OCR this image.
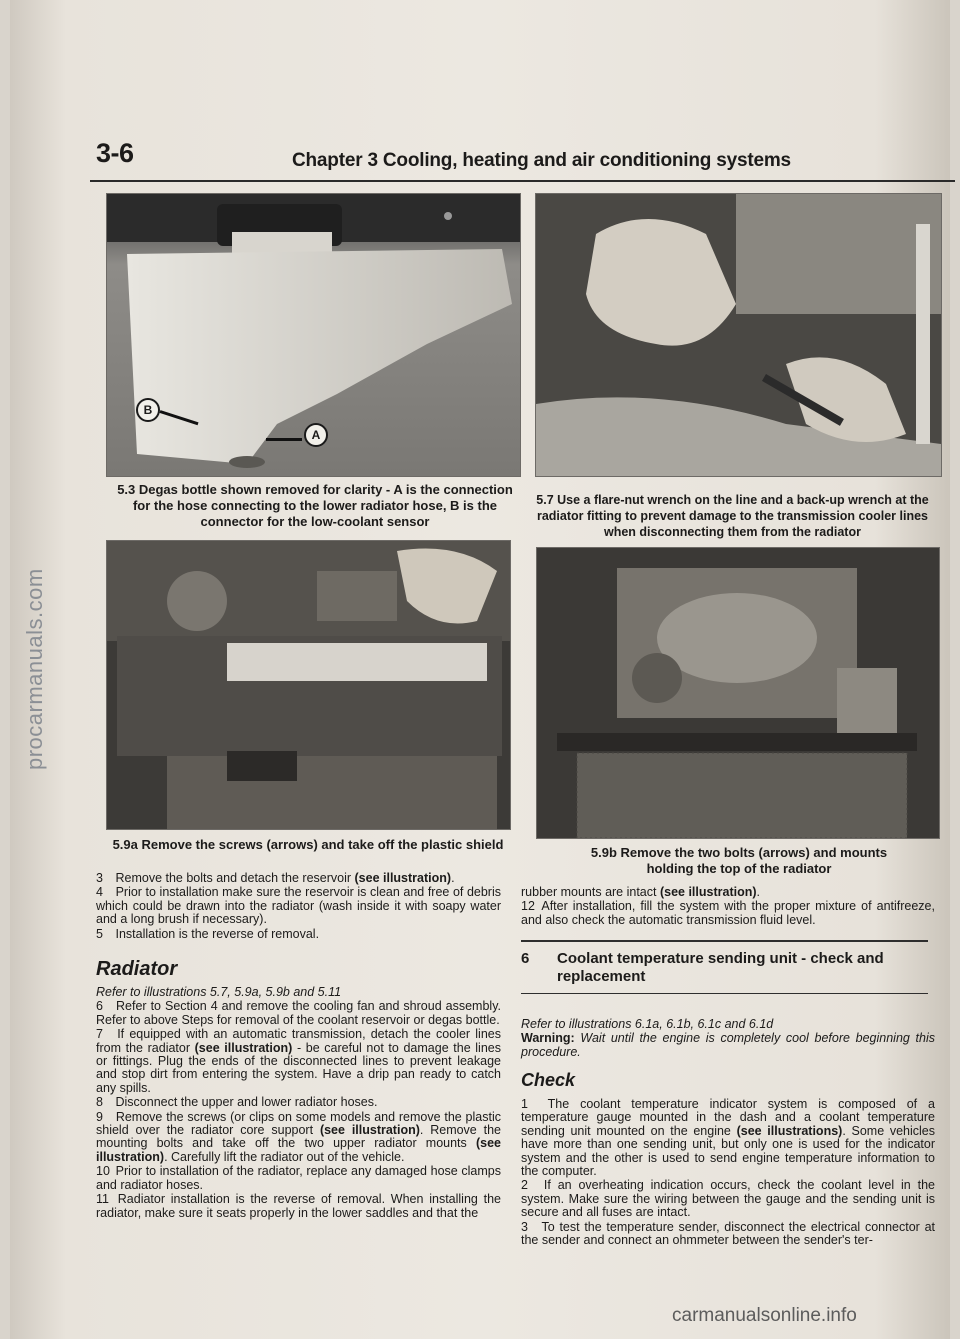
3-6	Chapter 3 Cooling, heating and air conditioning systems
B
A
5.3 Degas bottle shown removed for clarity - A is the connection
for the hose connecting to the lower radiator hose, B is the
connector for the low-coolant sensor
5.7 Use a flare-nut wrench on the line and a back-up wrench at the
radiator fitting to prevent damage to the transmission cooler lines
when disconnecting them from the radiator
5.9a Remove the screws (arrows) and take off the plastic shield
5.9b Remove the two bolts (arrows) and mounts
holding the top of the radiator

3 Remove the bolts and detach the reservoir (see illustration).

4 Prior to installation make sure the reservoir is clean and free of debris which could be drawn into the radiator (wash inside it with soapy water and a long brush if necessary).

5 Installation is the reverse of removal.

Radiator

Refer to illustrations 5.7, 5.9a, 5.9b and 5.11

6 Refer to Section 4 and remove the cooling fan and shroud assembly. Refer to above Steps for removal of the coolant reservoir or degas bottle.

7 If equipped with an automatic transmission, detach the cooler lines from the radiator (see illustration) - be careful not to damage the lines or fittings. Plug the ends of the disconnected lines to prevent leakage and stop dirt from entering the system. Have a drip pan ready to catch any spills.

8 Disconnect the upper and lower radiator hoses.

9 Remove the screws (or clips on some models and remove the plastic shield over the radiator core support (see illustration). Remove the mounting bolts and take off the two upper radiator mounts (see illustration). Carefully lift the radiator out of the vehicle.

10 Prior to installation of the radiator, replace any damaged hose clamps and radiator hoses.

11 Radiator installation is the reverse of removal. When installing the radiator, make sure it seats properly in the lower saddles and that the

rubber mounts are intact (see illustration).

12 After installation, fill the system with the proper mixture of antifreeze, and also check the automatic transmission fluid level.

6 Coolant temperature sending unit - check and
replacement

Refer to illustrations 6.1a, 6.1b, 6.1c and 6.1d

Warning: Wait until the engine is completely cool before beginning this procedure.

Check

1 The coolant temperature indicator system is composed of a temperature gauge mounted in the dash and a coolant temperature sending unit mounted on the engine (see illustrations). Some vehicles have more than one sending unit, but only one is used for the indicator system and the other is used to send engine temperature information to the computer.

2 If an overheating indication occurs, check the coolant level in the system. Make sure the wiring between the gauge and the sending unit is secure and all fuses are intact.

3 To test the temperature sender, disconnect the electrical connector at the sender and connect an ohmmeter between the sender's ter-

procarmanuals.com
carmanualsonline.info
